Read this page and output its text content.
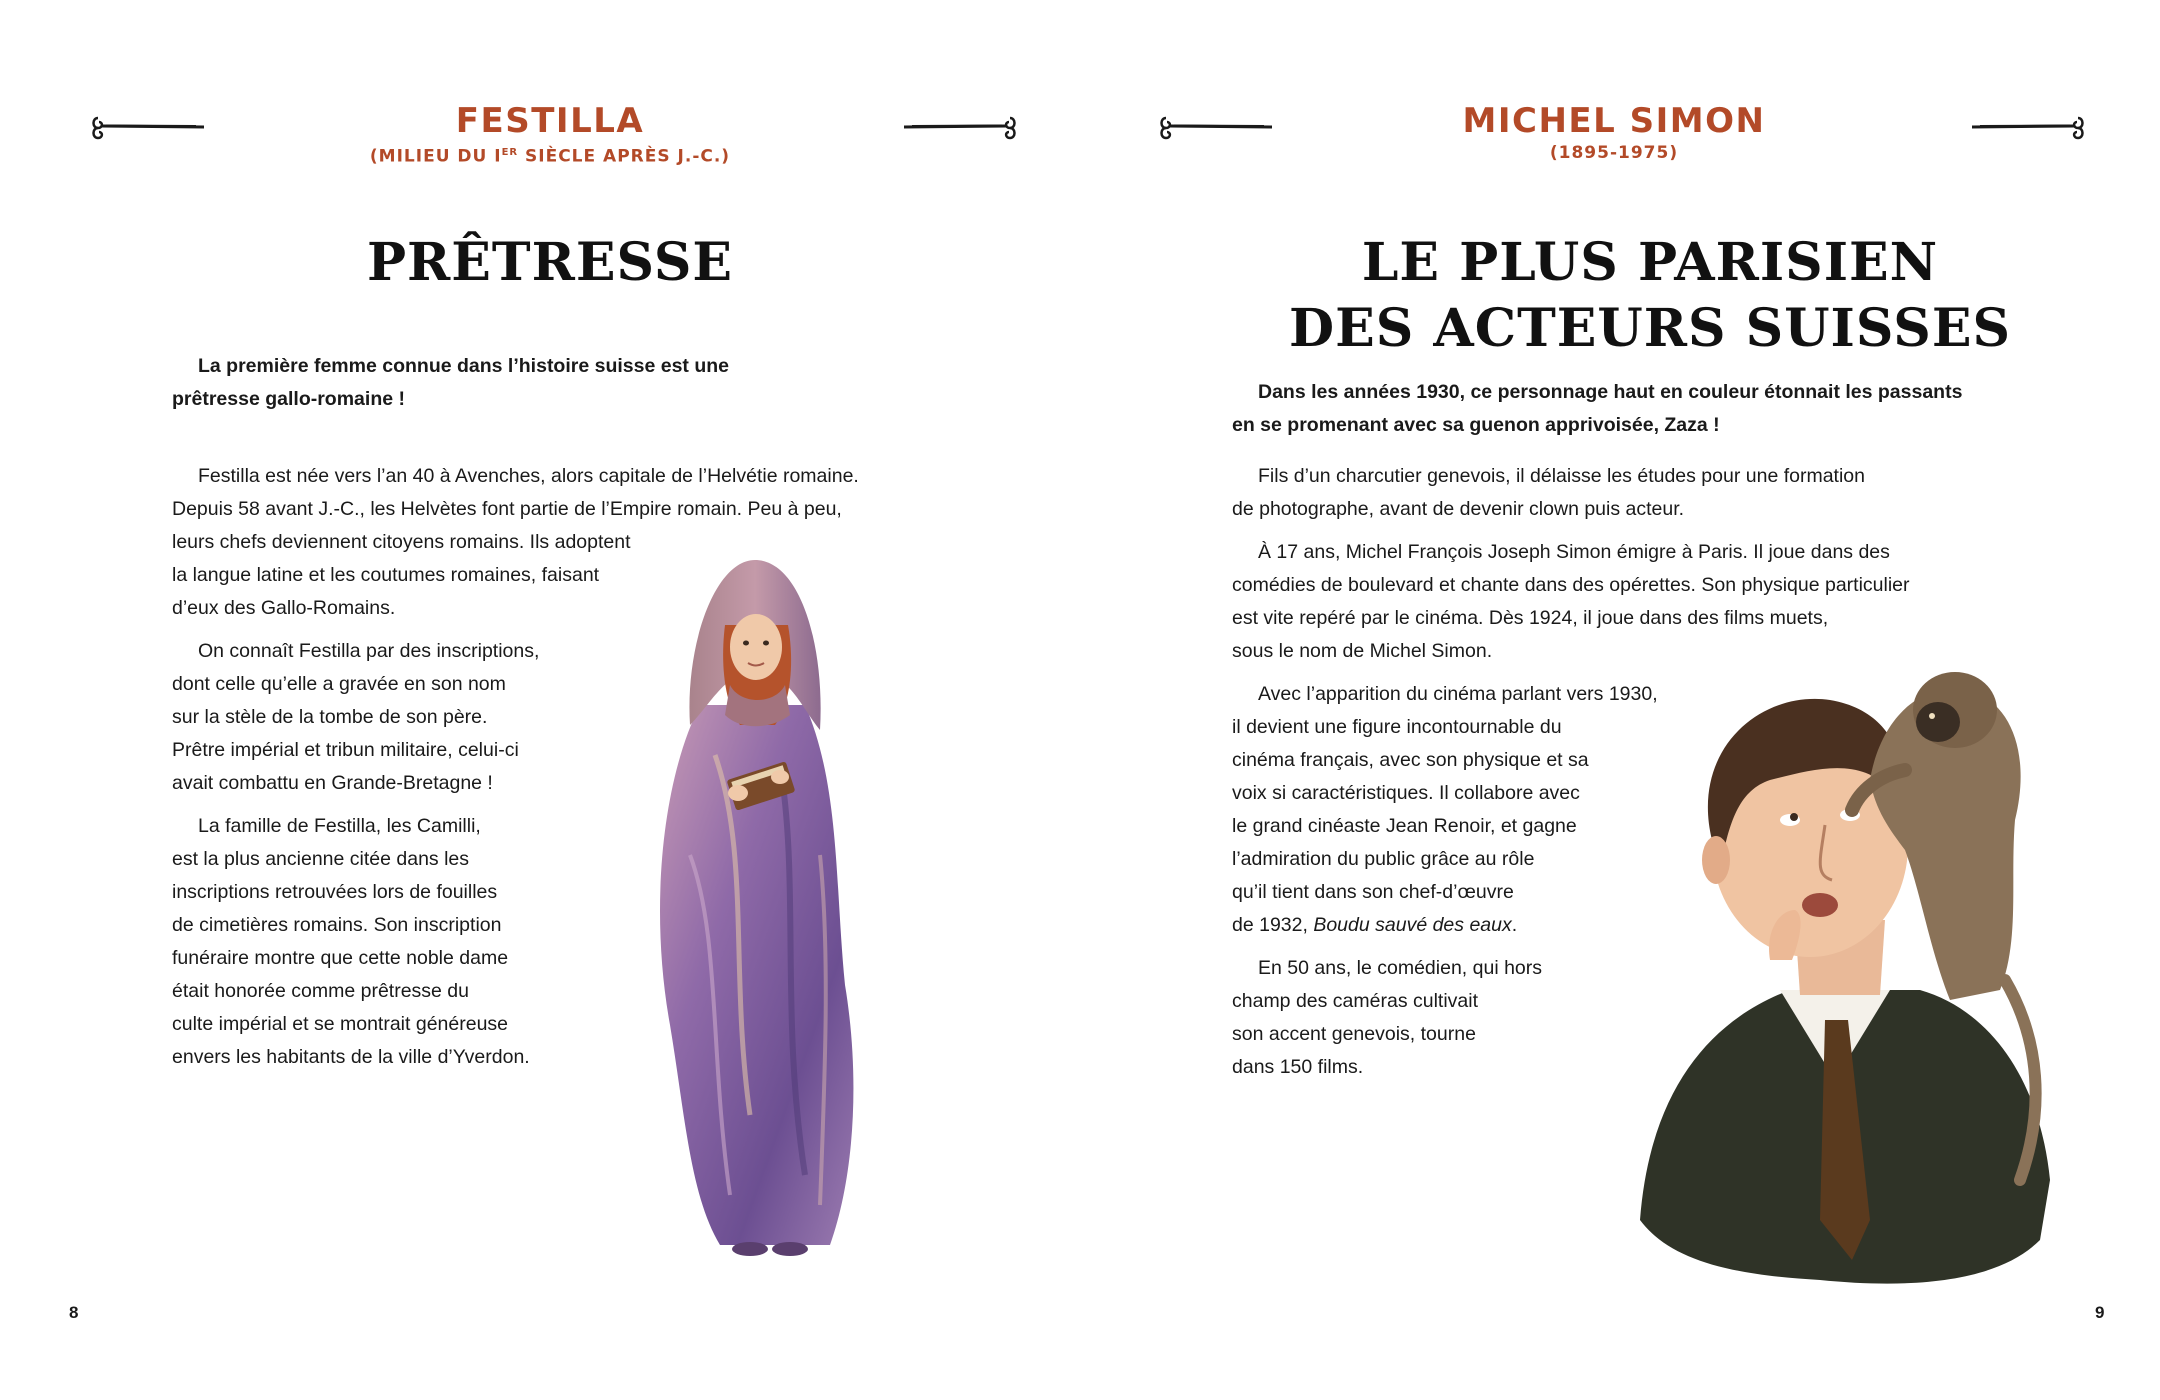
FESTILLA
(MILIEU DU IER SIÈCLE APRÈS J.-C.)
PRÊTRESSE
La première femme connue dans l’histoire suisse est une
prêtresse gallo-romaine !

Festilla est née vers l’an 40 à Avenches, alors capitale de l’Helvétie romaine.
Depuis 58 avant J.-C., les Helvètes font partie de l’Empire romain. Peu à peu,
leurs chefs deviennent citoyens romains. Ils adoptent
la langue latine et les coutumes romaines, faisant
d’eux des Gallo-Romains.

On connaît Festilla par des inscriptions,
dont celle qu’elle a gravée en son nom
sur la stèle de la tombe de son père.
Prêtre impérial et tribun militaire, celui-ci
avait combattu en Grande-Bretagne !

La famille de Festilla, les Camilli,
est la plus ancienne citée dans les
inscriptions retrouvées lors de fouilles
de cimetières romains. Son inscription
funéraire montre que cette noble dame
était honorée comme prêtresse du
culte impérial et se montrait généreuse
envers les habitants de la ville d’Yverdon.

8
MICHEL SIMON
(1895-1975)
LE PLUS PARISIEN
DES ACTEURS SUISSES
Dans les années 1930, ce personnage haut en couleur étonnait les passants
en se promenant avec sa guenon apprivoisée, Zaza !

Fils d’un charcutier genevois, il délaisse les études pour une formation
de photographe, avant de devenir clown puis acteur.

À 17 ans, Michel François Joseph Simon émigre à Paris. Il joue dans des
comédies de boulevard et chante dans des opérettes. Son physique particulier
est vite repéré par le cinéma. Dès 1924, il joue dans des films muets,
sous le nom de Michel Simon.

Avec l’apparition du cinéma parlant vers 1930,
il devient une figure incontournable du
cinéma français, avec son physique et sa
voix si caractéristiques. Il collabore avec
le grand cinéaste Jean Renoir, et gagne
l’admiration du public grâce au rôle
qu’il tient dans son chef-d’œuvre
de 1932, Boudu sauvé des eaux.

En 50 ans, le comédien, qui hors
champ des caméras cultivait
son accent genevois, tourne
dans 150 films.

9
